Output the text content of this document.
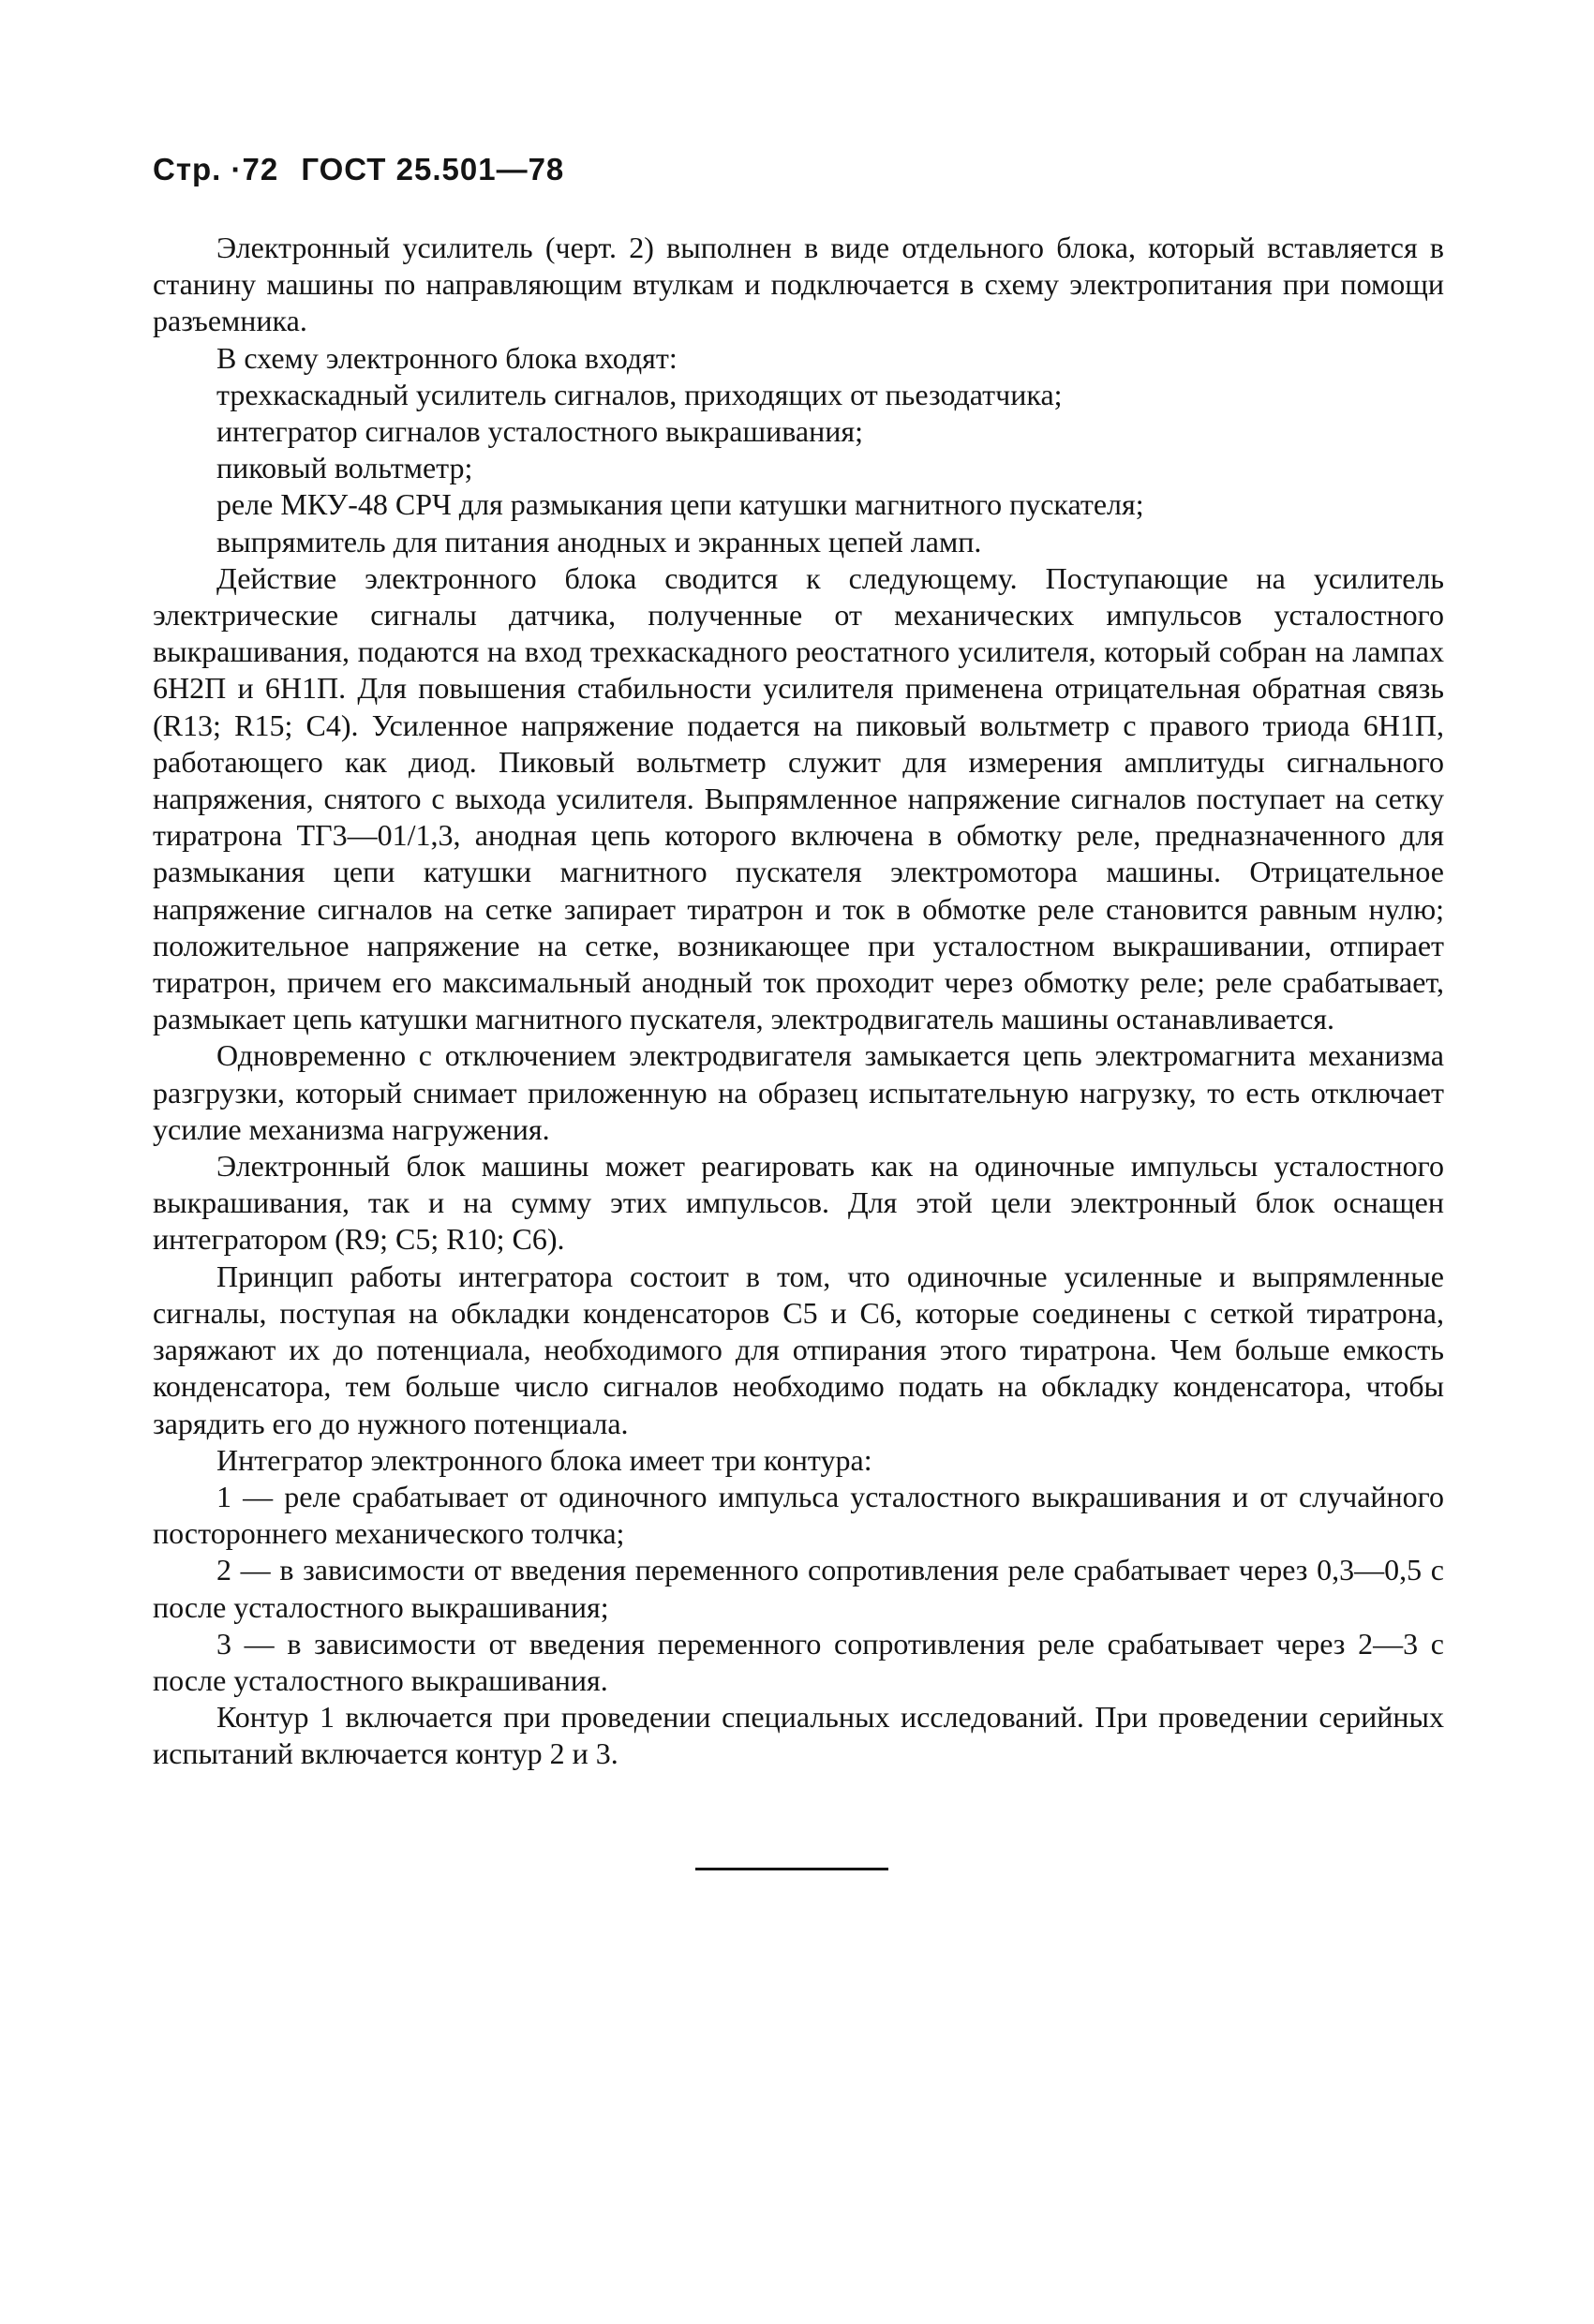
Стр. ·72 ГОСТ 25.501—78

Электронный усилитель (черт. 2) выполнен в виде отдельного блока, который вставляется в станину машины по направляющим втулкам и подключается в схему электропитания при помощи разъемника.

В схему электронного блока входят:

трехкаскадный усилитель сигналов, приходящих от пьезодатчика;

интегратор сигналов усталостного выкрашивания;

пиковый вольтметр;

реле МКУ-48 СРЧ для размыкания цепи катушки магнитного пускателя;

выпрямитель для питания анодных и экранных цепей ламп.

Действие электронного блока сводится к следующему. Поступающие на усилитель электрические сигналы датчика, полученные от механических импульсов усталостного выкрашивания, подаются на вход трехкаскадного реостатного усилителя, который собран на лампах 6Н2П и 6Н1П. Для повышения стабильности усилителя применена отрицательная обратная связь (R13; R15; C4). Усиленное напряжение подается на пиковый вольтметр с правого триода 6Н1П, работающего как диод. Пиковый вольтметр служит для измерения амплитуды сигнального напряжения, снятого с выхода усилителя. Выпрямленное напряжение сигналов поступает на сетку тиратрона ТГ3—01/1,3, анодная цепь которого включена в обмотку реле, предназначенного для размыкания цепи катушки магнитного пускателя электромотора машины. Отрицательное напряжение сигналов на сетке запирает тиратрон и ток в обмотке реле становится равным нулю; положительное напряжение на сетке, возникающее при усталостном выкрашивании, отпирает тиратрон, причем его максимальный анодный ток проходит через обмотку реле; реле срабатывает, размыкает цепь катушки магнитного пускателя, электродвигатель машины останавливается.

Одновременно с отключением электродвигателя замыкается цепь электромагнита механизма разгрузки, который снимает приложенную на образец испытательную нагрузку, то есть отключает усилие механизма нагружения.

Электронный блок машины может реагировать как на одиночные импульсы усталостного выкрашивания, так и на сумму этих импульсов. Для этой цели электронный блок оснащен интегратором (R9; C5; R10; C6).

Принцип работы интегратора состоит в том, что одиночные усиленные и выпрямленные сигналы, поступая на обкладки конденсаторов C5 и C6, которые соединены с сеткой тиратрона, заряжают их до потенциала, необходимого для отпирания этого тиратрона. Чем больше емкость конденсатора, тем больше число сигналов необходимо подать на обкладку конденсатора, чтобы зарядить его до нужного потенциала.

Интегратор электронного блока имеет три контура:

1 — реле срабатывает от одиночного импульса усталостного выкрашивания и от случайного постороннего механического толчка;

2 — в зависимости от введения переменного сопротивления реле срабатывает через 0,3—0,5 с после усталостного выкрашивания;

3 — в зависимости от введения переменного сопротивления реле срабатывает через 2—3 с после усталостного выкрашивания.

Контур 1 включается при проведении специальных исследований. При проведении серийных испытаний включается контур 2 и 3.
